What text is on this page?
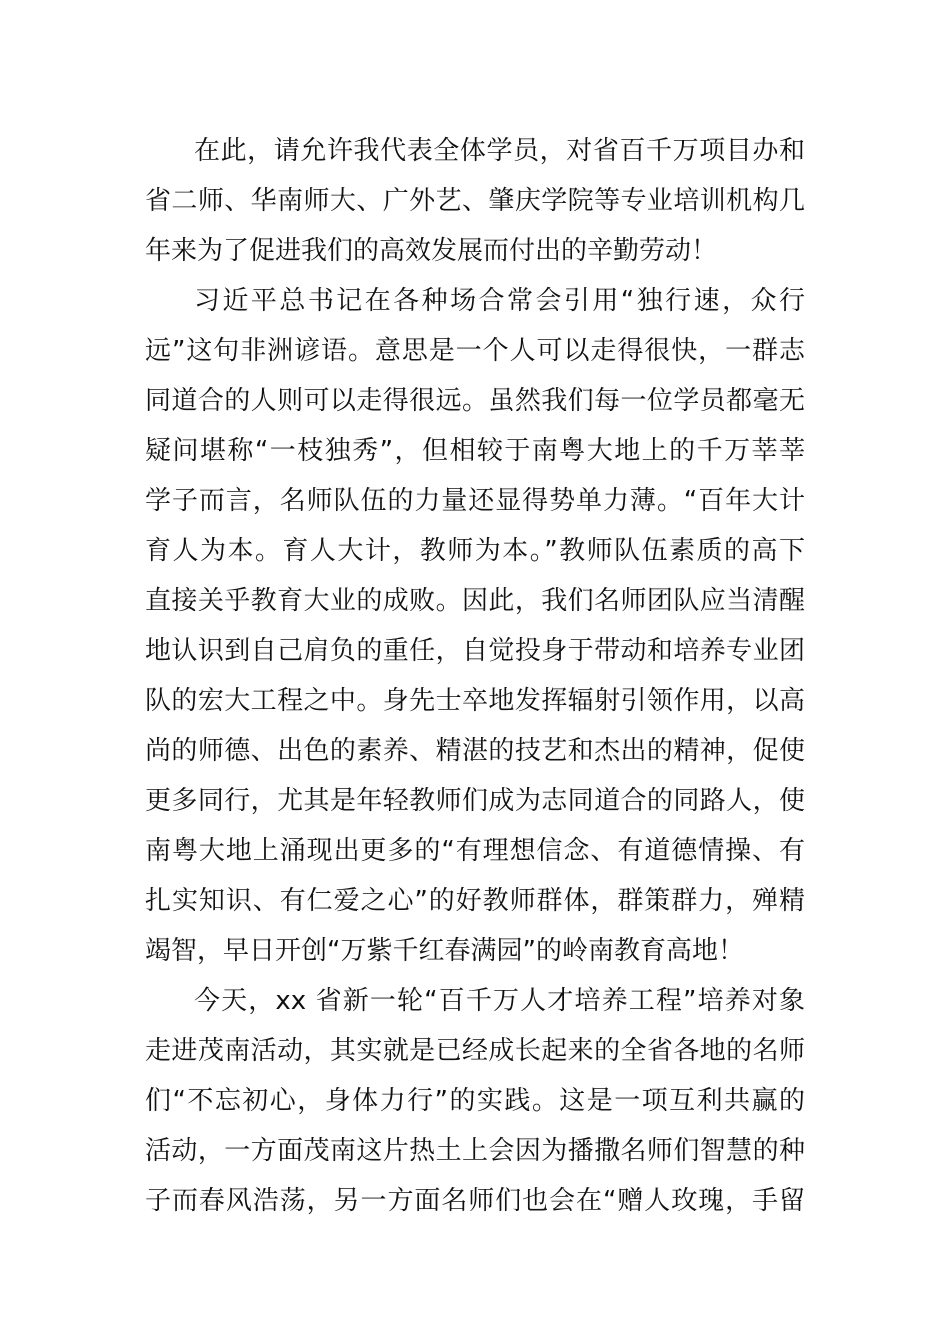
在此，请允许我代表全体学员，对省百千万项目办和
省二师、华南师大、广外艺、肇庆学院等专业培训机构几
年来为了促进我们的高效发展而付出的辛勤劳动！
习近平总书记在各种场合常会引用“独行速，众行
远”这句非洲谚语。意思是一个人可以走得很快，一群志
同道合的人则可以走得很远。虽然我们每一位学员都毫无
疑问堪称“一枝独秀”，但相较于南粤大地上的千万莘莘
学子而言，名师队伍的力量还显得势单力薄。“百年大计
育人为本。育人大计，教师为本。”教师队伍素质的高下
直接关乎教育大业的成败。因此，我们名师团队应当清醒
地认识到自己肩负的重任，自觉投身于带动和培养专业团
队的宏大工程之中。身先士卒地发挥辐射引领作用，以高
尚的师德、出色的素养、精湛的技艺和杰出的精神，促使
更多同行，尤其是年轻教师们成为志同道合的同路人，使
南粤大地上涌现出更多的“有理想信念、有道德情操、有
扎实知识、有仁爱之心”的好教师群体，群策群力，殚精
竭智，早日开创“万紫千红春满园”的岭南教育高地！
今天，xx 省新一轮“百千万人才培养工程”培养对象
走进茂南活动，其实就是已经成长起来的全省各地的名师
们“不忘初心，身体力行”的实践。这是一项互利共赢的
活动，一方面茂南这片热土上会因为播撒名师们智慧的种
子而春风浩荡，另一方面名师们也会在“赠人玫瑰，手留
